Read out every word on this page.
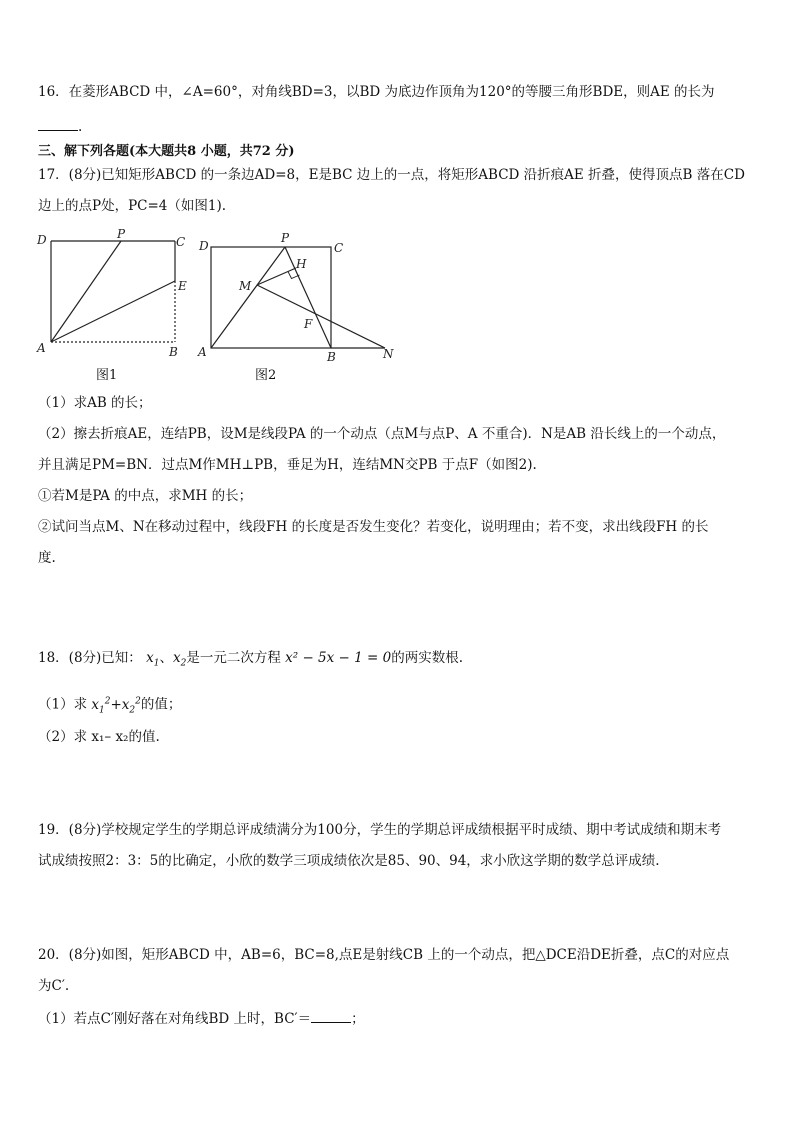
16．在菱形ABCD 中，∠A=60°，对角线BD=3，以BD 为底边作顶角为120°的等腰三角形BDE，则AE 的长为
.
三、解下列各题(本大题共8 小题，共72 分)
17．(8分)已知矩形ABCD 的一条边AD=8，E是BC 边上的一点，将矩形ABCD 沿折痕AE 折叠，使得顶点B 落在CD
边上的点P处，PC=4（如图1).
D	P
C
E
A	B
图1
D
P
C
H
M
F
A	B	N
图2
（1）求AB 的长；
（2）擦去折痕AE，连结PB，设M是线段PA 的一个动点（点M与点P、A 不重合)．N是AB 沿长线上的一个动点，
并且满足PM=BN．过点M作MH⊥PB，垂足为H，连结MN交PB 于点F（如图2).
①若M是PA 的中点，求MH 的长；
②试问当点M、N在移动过程中，线段FH 的长度是否发生变化？若变化，说明理由；若不变，求出线段FH 的长
度.
18．(8分)已知： $x_1$、$x_2$是一元二次方程 x² − 5x − 1 = 0的两实数根.
（1）求 $x_1^2+x_2^2$的值；
（2）求 x₁– x₂的值.
19．(8分)学校规定学生的学期总评成绩满分为100分，学生的学期总评成绩根据平时成绩、期中考试成绩和期末考
试成绩按照2：3：5的比确定，小欣的数学三项成绩依次是85、90、94，求小欣这学期的数学总评成绩.
20．(8分)如图，矩形ABCD 中，AB=6，BC=8,点E是射线CB 上的一个动点，把△DCE沿DE折叠，点C的对应点
为C′.
（1）若点C′刚好落在对角线BD 上时，BC′＝	；
